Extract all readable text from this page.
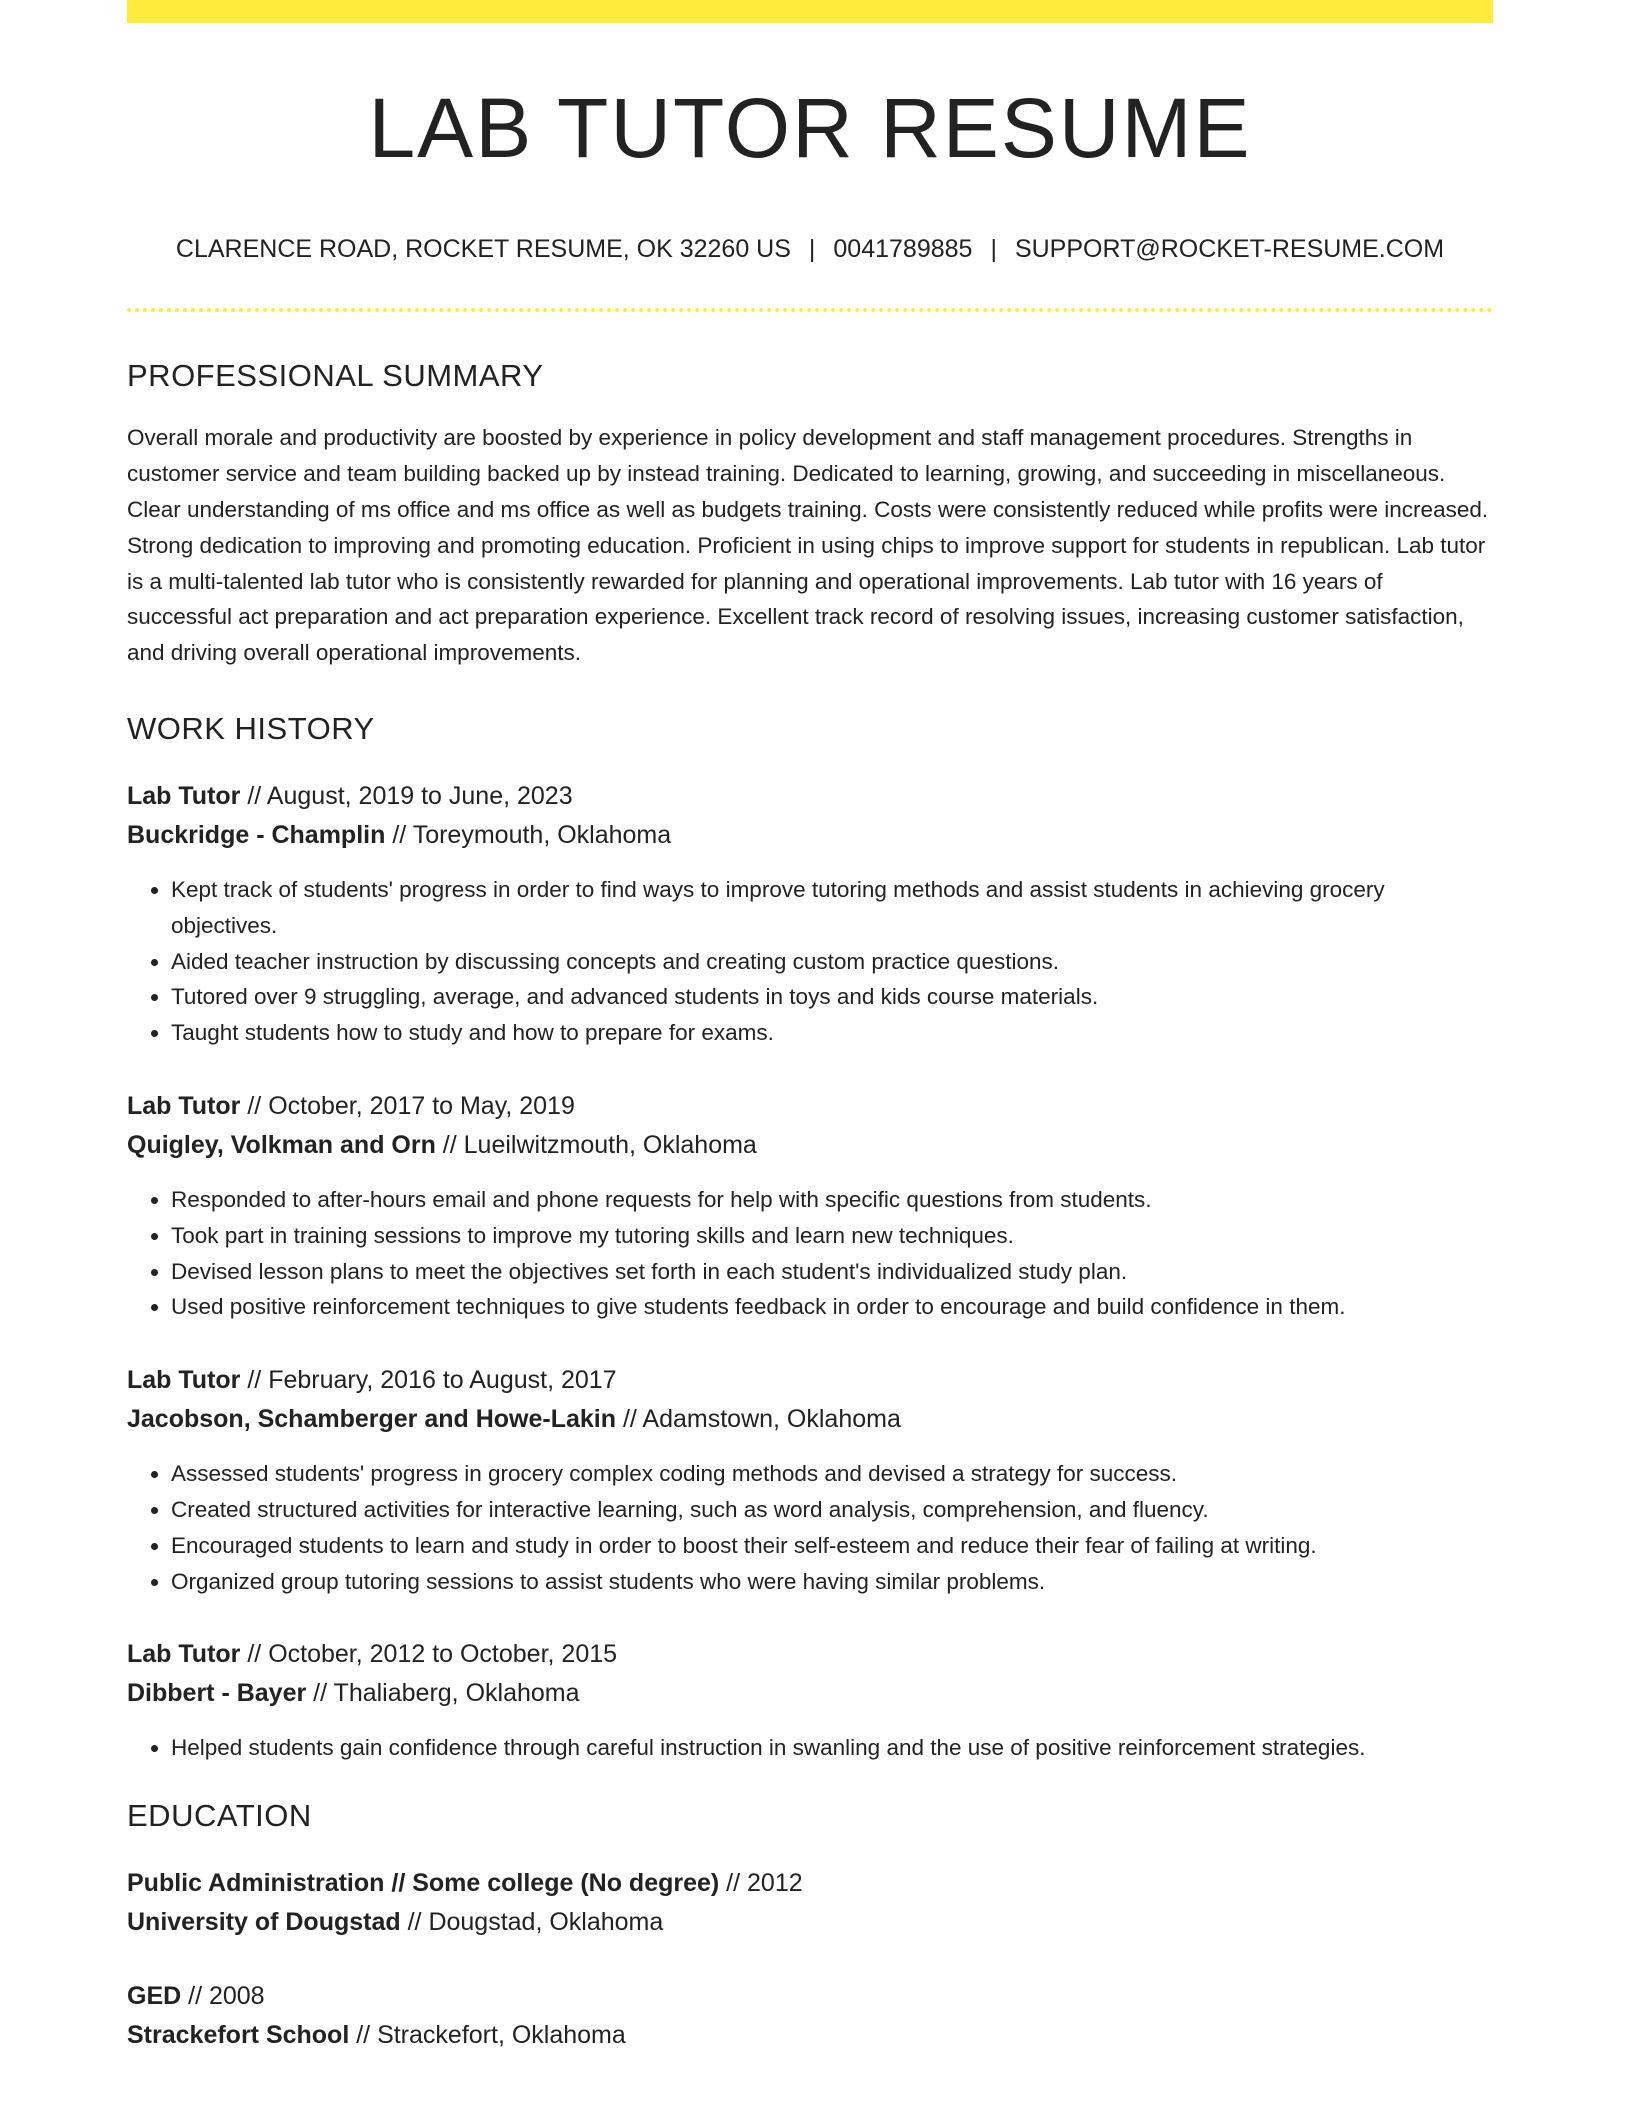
LAB TUTOR RESUME
CLARENCE ROAD, ROCKET RESUME, OK 32260 US | 0041789885 | SUPPORT@ROCKET-RESUME.COM
PROFESSIONAL SUMMARY
Overall morale and productivity are boosted by experience in policy development and staff management procedures. Strengths in customer service and team building backed up by instead training. Dedicated to learning, growing, and succeeding in miscellaneous. Clear understanding of ms office and ms office as well as budgets training. Costs were consistently reduced while profits were increased. Strong dedication to improving and promoting education. Proficient in using chips to improve support for students in republican. Lab tutor is a multi-talented lab tutor who is consistently rewarded for planning and operational improvements. Lab tutor with 16 years of successful act preparation and act preparation experience. Excellent track record of resolving issues, increasing customer satisfaction, and driving overall operational improvements.
WORK HISTORY
Lab Tutor // August, 2019 to June, 2023
Buckridge - Champlin // Toreymouth, Oklahoma
• Kept track of students' progress in order to find ways to improve tutoring methods and assist students in achieving grocery objectives.
• Aided teacher instruction by discussing concepts and creating custom practice questions.
• Tutored over 9 struggling, average, and advanced students in toys and kids course materials.
• Taught students how to study and how to prepare for exams.
Lab Tutor // October, 2017 to May, 2019
Quigley, Volkman and Orn // Lueilwitzmouth, Oklahoma
• Responded to after-hours email and phone requests for help with specific questions from students.
• Took part in training sessions to improve my tutoring skills and learn new techniques.
• Devised lesson plans to meet the objectives set forth in each student's individualized study plan.
• Used positive reinforcement techniques to give students feedback in order to encourage and build confidence in them.
Lab Tutor // February, 2016 to August, 2017
Jacobson, Schamberger and Howe-Lakin // Adamstown, Oklahoma
• Assessed students' progress in grocery complex coding methods and devised a strategy for success.
• Created structured activities for interactive learning, such as word analysis, comprehension, and fluency.
• Encouraged students to learn and study in order to boost their self-esteem and reduce their fear of failing at writing.
• Organized group tutoring sessions to assist students who were having similar problems.
Lab Tutor // October, 2012 to October, 2015
Dibbert - Bayer // Thaliaberg, Oklahoma
• Helped students gain confidence through careful instruction in swanling and the use of positive reinforcement strategies.
EDUCATION
Public Administration // Some college (No degree) // 2012
University of Dougstad // Dougstad, Oklahoma
GED // 2008
Strackefort School // Strackefort, Oklahoma
